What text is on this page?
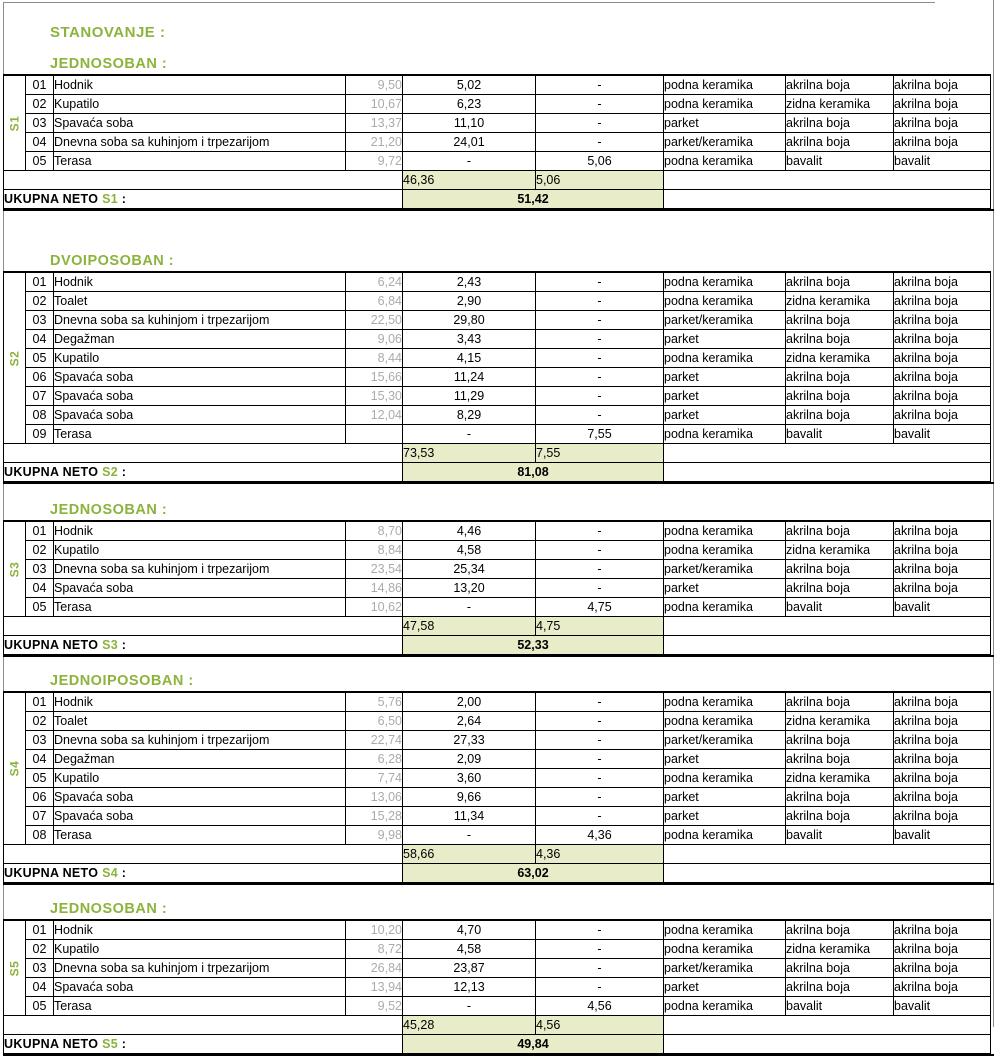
STANOVANJE :
JEDNOSOBAN :
S1	01	Hodnik	9,50	5,02	-	podna keramika	akrilna boja	akrilna boja
	02	Kupatilo	10,67	6,23	-	podna keramika	zidna keramika	akrilna boja
	03	Spavaća soba	13,37	11,10	-	parket	akrilna boja	akrilna boja
	04	Dnevna soba sa kuhinjom i trpezarijom	21,20	24,01	-	parket/keramika	akrilna boja	akrilna boja
	05	Terasa	9,72	-	5,06	podna keramika	bavalit	bavalit
				46,36	5,06			
UKUPNA NETO S1 :				51,42				
DVOIPOSOBAN :
S2	01	Hodnik	6,24	2,43	-	podna keramika	akrilna boja	akrilna boja
	02	Toalet	6,84	2,90	-	podna keramika	zidna keramika	akrilna boja
	03	Dnevna soba sa kuhinjom i trpezarijom	22,50	29,80	-	parket/keramika	akrilna boja	akrilna boja
	04	Degažman	9,06	3,43	-	parket	akrilna boja	akrilna boja
	05	Kupatilo	8,44	4,15	-	podna keramika	zidna keramika	akrilna boja
	06	Spavaća soba	15,66	11,24	-	parket	akrilna boja	akrilna boja
	07	Spavaća soba	15,30	11,29	-	parket	akrilna boja	akrilna boja
	08	Spavaća soba	12,04	8,29	-	parket	akrilna boja	akrilna boja
	09	Terasa		-	7,55	podna keramika	bavalit	bavalit
				73,53	7,55			
UKUPNA NETO S2 :				81,08				
JEDNOSOBAN :
S3	01	Hodnik	8,70	4,46	-	podna keramika	akrilna boja	akrilna boja
	02	Kupatilo	8,84	4,58	-	podna keramika	zidna keramika	akrilna boja
	03	Dnevna soba sa kuhinjom i trpezarijom	23,54	25,34	-	parket/keramika	akrilna boja	akrilna boja
	04	Spavaća soba	14,86	13,20	-	parket	akrilna boja	akrilna boja
	05	Terasa	10,62	-	4,75	podna keramika	bavalit	bavalit
				47,58	4,75			
UKUPNA NETO S3 :				52,33				
JEDNOIPOSOBAN :
S4	01	Hodnik	5,76	2,00	-	podna keramika	akrilna boja	akrilna boja
	02	Toalet	6,50	2,64	-	podna keramika	zidna keramika	akrilna boja
	03	Dnevna soba sa kuhinjom i trpezarijom	22,74	27,33	-	parket/keramika	akrilna boja	akrilna boja
	04	Degažman	6,28	2,09	-	parket	akrilna boja	akrilna boja
	05	Kupatilo	7,74	3,60	-	podna keramika	zidna keramika	akrilna boja
	06	Spavaća soba	13,06	9,66	-	parket	akrilna boja	akrilna boja
	07	Spavaća soba	15,28	11,34	-	parket	akrilna boja	akrilna boja
	08	Terasa	9,98	-	4,36	podna keramika	bavalit	bavalit
				58,66	4,36			
UKUPNA NETO S4 :				63,02				
JEDNOSOBAN :
S5	01	Hodnik	10,20	4,70	-	podna keramika	akrilna boja	akrilna boja
	02	Kupatilo	8,72	4,58	-	podna keramika	zidna keramika	akrilna boja
	03	Dnevna soba sa kuhinjom i trpezarijom	26,84	23,87	-	parket/keramika	akrilna boja	akrilna boja
	04	Spavaća soba	13,94	12,13	-	parket	akrilna boja	akrilna boja
	05	Terasa	9,52	-	4,56	podna keramika	bavalit	bavalit
				45,28	4,56			
UKUPNA NETO S5 :				49,84				
